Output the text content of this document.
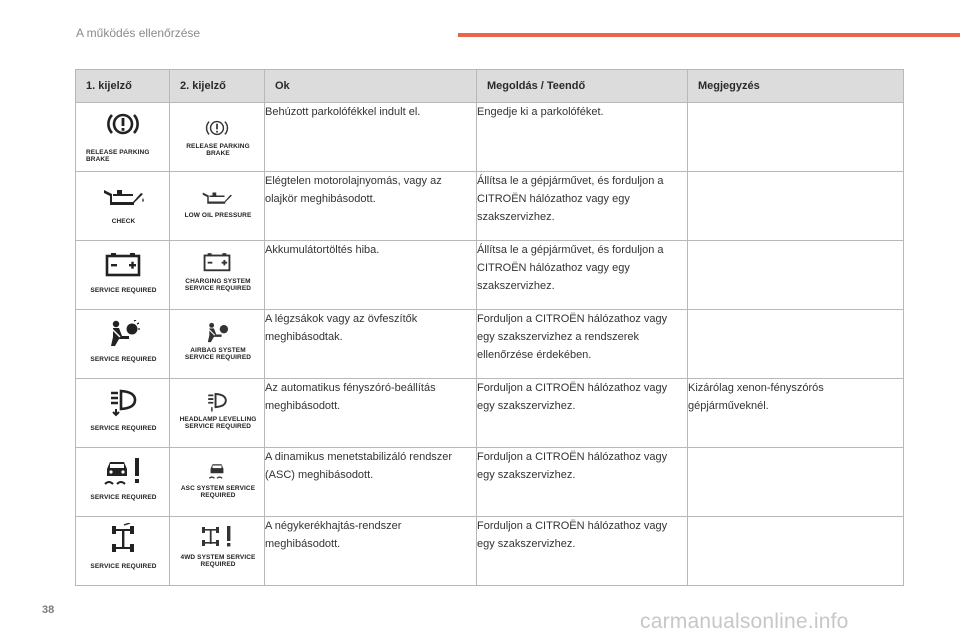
A működés ellenőrzése
1. kijelző	2. kijelző	Ok	Megoldás / Teendő	Megjegyzés

RELEASE PARKING BRAKE	RELEASE PARKING BRAKE	Behúzott parkolófékkel indult el.	Engedje ki a parkolóféket.	

CHECK	LOW OIL PRESSURE	Elégtelen motorolajnyomás, vagy az olajkör meghibásodott.	Állítsa le a gépjárművet, és forduljon a CITROËN hálózathoz vagy egy szakszervizhez.	

SERVICE REQUIRED	CHARGING SYSTEM SERVICE REQUIRED	Akkumulátortöltés hiba.	Állítsa le a gépjárművet, és forduljon a CITROËN hálózathoz vagy egy szakszervizhez.	

SERVICE REQUIRED	AIRBAG SYSTEM SERVICE REQUIRED	A légzsákok vagy az övfeszítők meghibásodtak.	Forduljon a CITROËN hálózathoz vagy egy szakszervizhez a rendszerek ellenőrzése érdekében.	

SERVICE REQUIRED	HEADLAMP LEVELLING SERVICE REQUIRED	Az automatikus fényszóró-beállítás meghibásodott.	Forduljon a CITROËN hálózathoz vagy egy szakszervizhez.	Kizárólag xenon-fényszórós gépjárműveknél.

SERVICE REQUIRED	ASC SYSTEM SERVICE REQUIRED	A dinamikus menetstabilizáló rendszer (ASC) meghibásodott.	Forduljon a CITROËN hálózathoz vagy egy szakszervizhez.	

SERVICE REQUIRED	4WD SYSTEM SERVICE REQUIRED	A négykerékhajtás-rendszer meghibásodott.	Forduljon a CITROËN hálózathoz vagy egy szakszervizhez.	
38	carmanualsonline.info
